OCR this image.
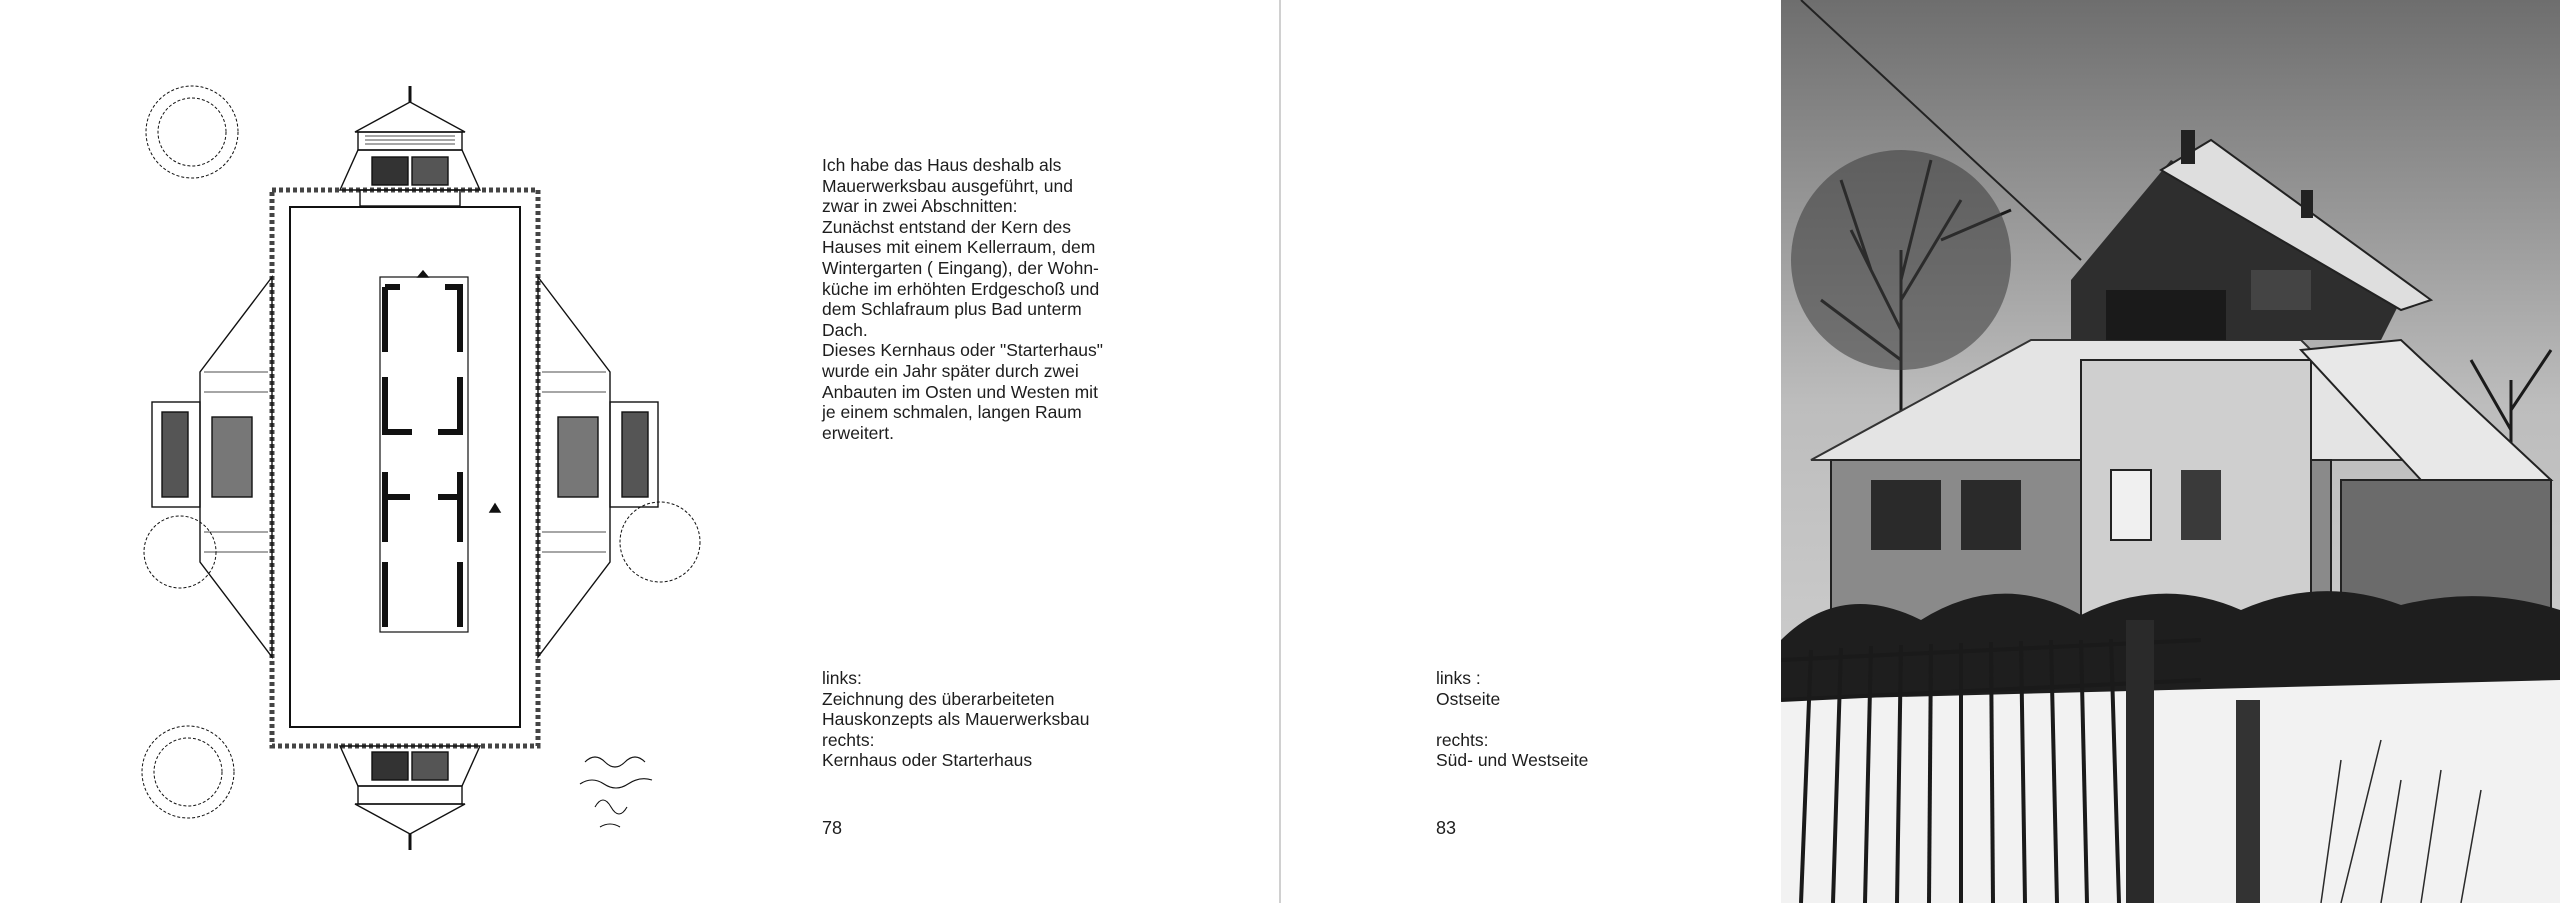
Ich habe das Haus deshalb als
Mauerwerksbau ausgeführt, und
zwar in zwei Abschnitten:
Zunächst entstand der Kern des
Hauses mit einem Kellerraum, dem
Wintergarten ( Eingang), der Wohn-
küche im erhöhten Erdgeschoß und
dem Schlafraum plus Bad unterm
Dach.
Dieses Kernhaus oder "Starterhaus"
wurde ein Jahr später durch zwei
Anbauten im Osten und Westen mit
je einem schmalen, langen Raum
erweitert.

links:
Zeichnung des überarbeiteten
Hauskonzepts als Mauerwerksbau
rechts:
Kernhaus oder Starterhaus

78

links :
Ostseite

rechts:
Süd- und Westseite

83
